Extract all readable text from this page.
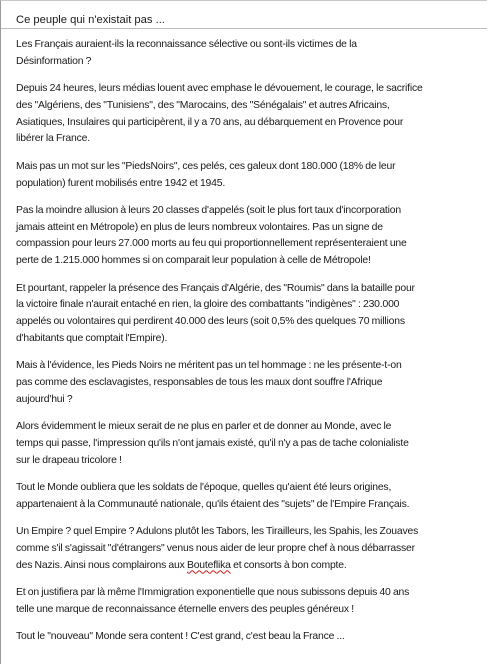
Ce peuple qui n'existait pas ...
Les Français auraient-ils la reconnaissance sélective ou sont-ils victimes de la
Désinformation ?
Depuis 24 heures, leurs médias louent avec emphase le dévouement, le courage, le sacrifice
des "Algériens, des "Tunisiens", des "Marocains, des "Sénégalais" et autres Africains,
Asiatiques, Insulaires qui participèrent, il y a 70 ans, au débarquement en Provence pour
libérer la France.
Mais pas un mot sur les "PiedsNoirs", ces pelés, ces galeux dont 180.000 (18% de leur
population) furent mobilisés entre 1942 et 1945.
Pas la moindre allusion à leurs 20 classes d'appelés (soit le plus fort taux d'incorporation
jamais atteint en Métropole) en plus de leurs nombreux volontaires. Pas un signe de
compassion pour leurs 27.000 morts au feu qui proportionnellement représenteraient une
perte de 1.215.000 hommes si on comparait leur population à celle de Métropole!
Et pourtant, rappeler la présence des Français d'Algérie, des "Roumis" dans la bataille pour
la victoire finale n'aurait entaché en rien, la gloire des combattants "indigènes" : 230.000
appelés ou volontaires qui perdirent 40.000 des leurs (soit 0,5% des quelques 70 millions
d'habitants que comptait l'Empire).
Mais à l'évidence, les Pieds Noirs ne méritent pas un tel hommage : ne les présente-t-on
pas comme des esclavagistes, responsables de tous les maux dont souffre l'Afrique
aujourd'hui ?
Alors évidemment le mieux serait de ne plus en parler et de donner au Monde, avec le
temps qui passe, l'impression qu'ils n'ont jamais existé, qu'il n'y a pas de tache colonialiste
sur le drapeau tricolore !
Tout le Monde oubliera que les soldats de l'époque, quelles qu'aient été leurs origines,
appartenaient à la Communauté nationale, qu'ils étaient des "sujets" de l'Empire Français.
Un Empire ? quel Empire ? Adulons plutôt les Tabors, les Tirailleurs, les Spahis, les Zouaves
comme s'il s'agissait "d'étrangers" venus nous aider de leur propre chef à nous débarrasser
des Nazis. Ainsi nous complairons aux Bouteflika et consorts à bon compte.
Et on justifiera par là même l'Immigration exponentielle que nous subissons depuis 40 ans
telle une marque de reconnaissance éternelle envers des peuples généreux !
Tout le "nouveau" Monde sera content ! C'est grand, c'est beau la France ...
